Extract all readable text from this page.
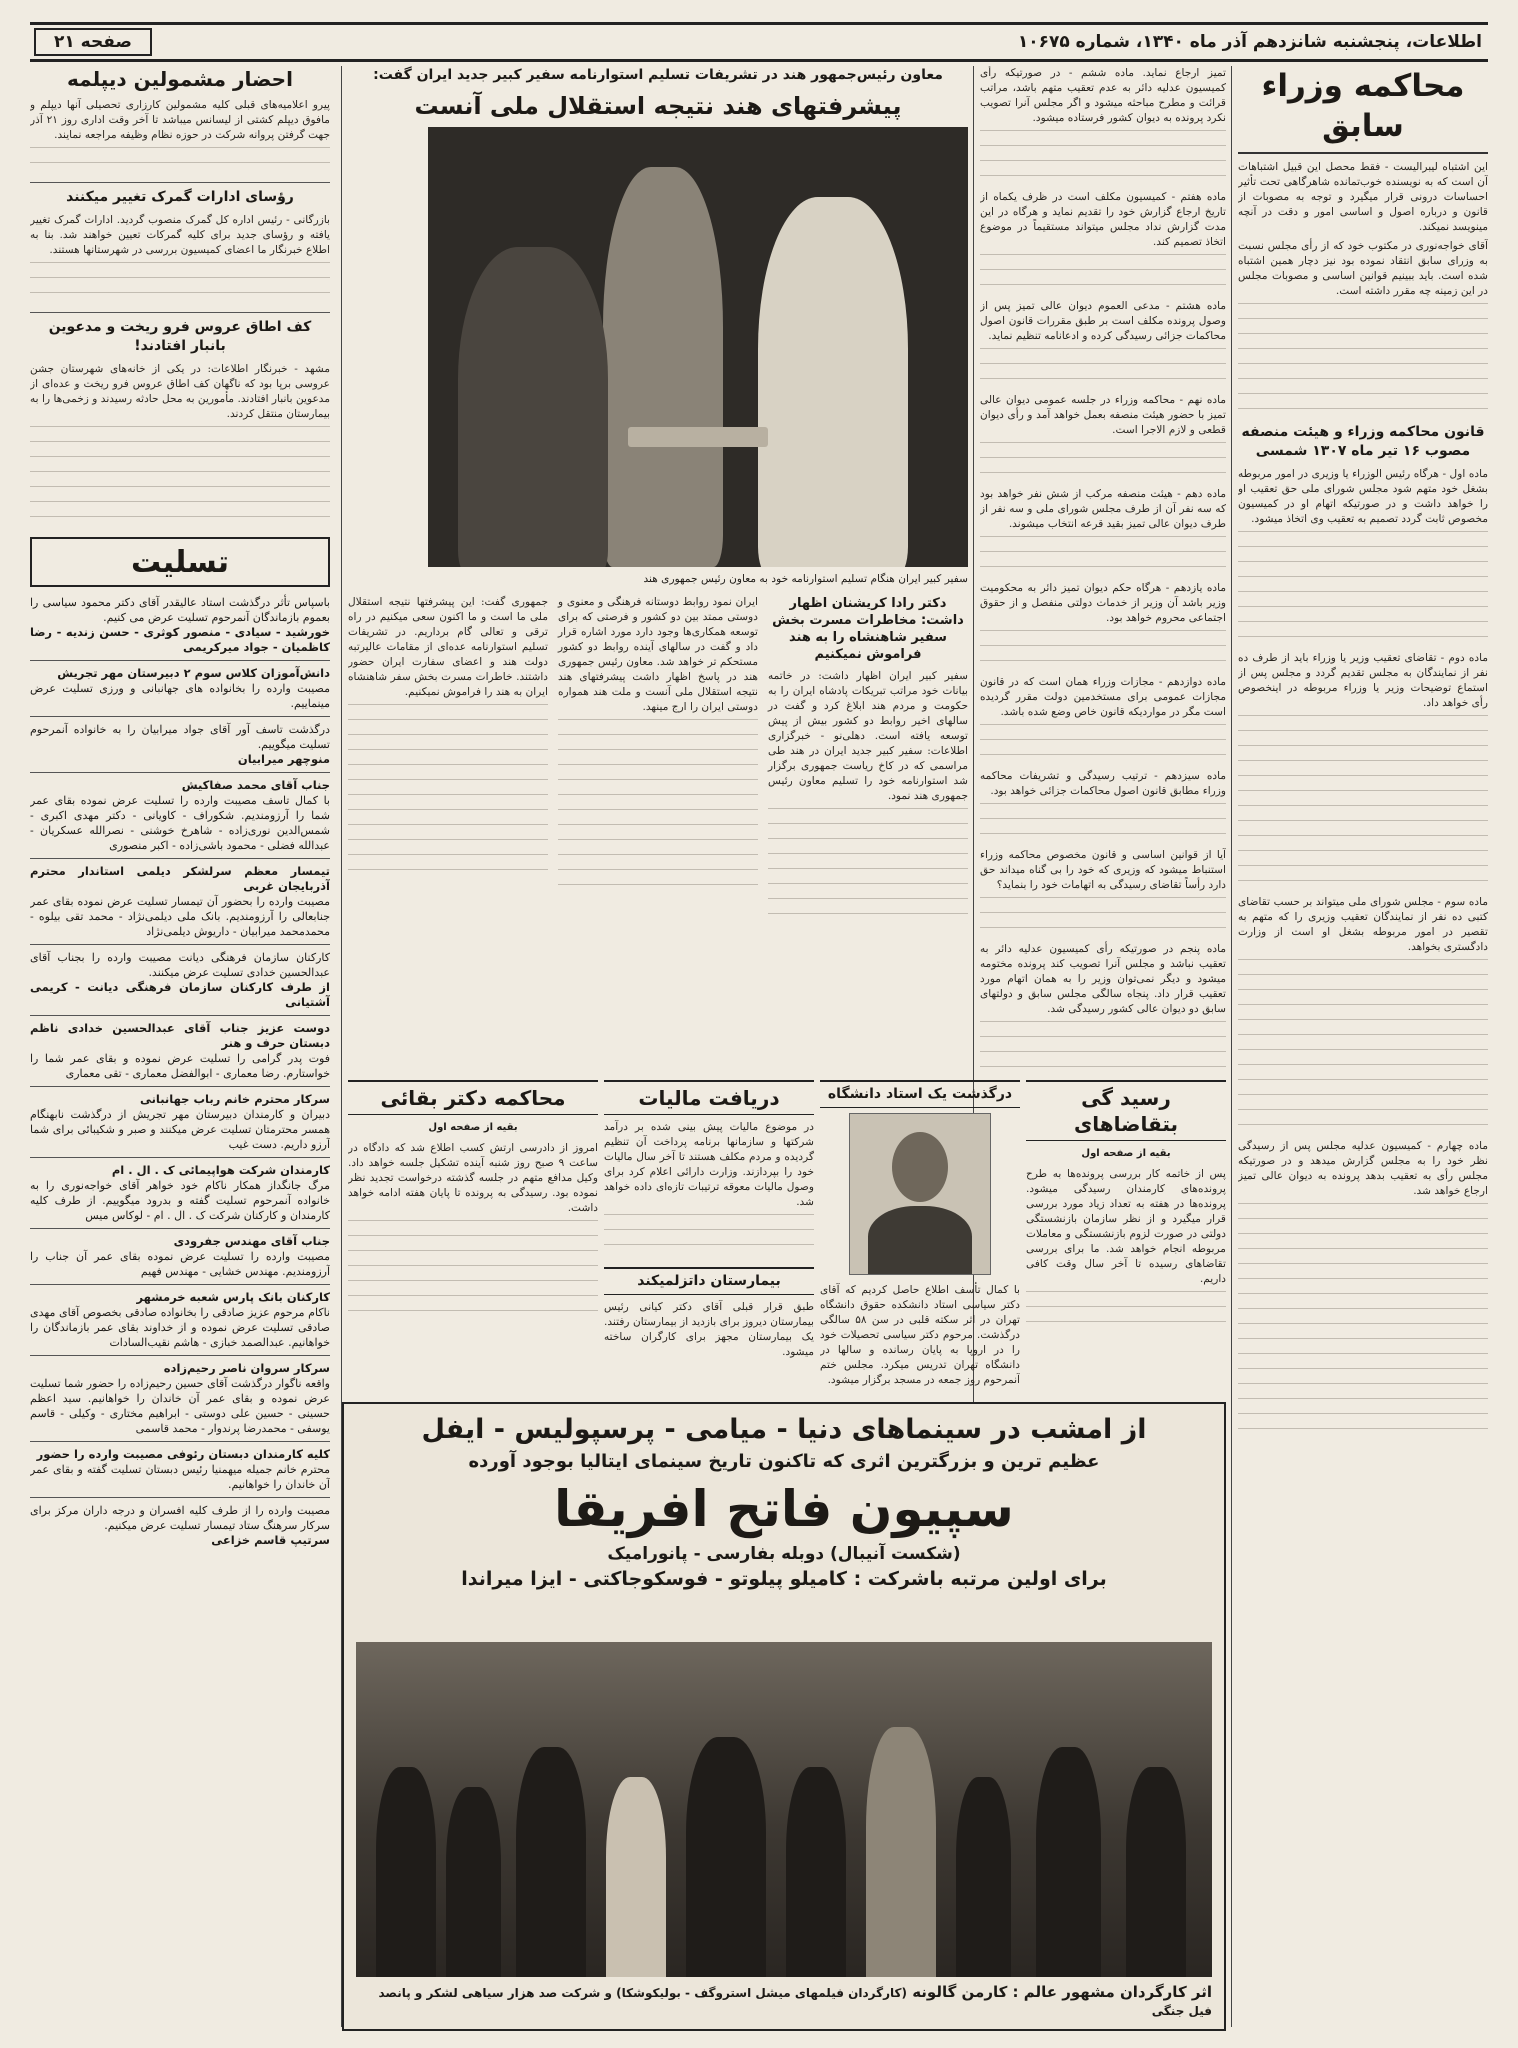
اطلاعات، پنجشنبه شانزدهم آذر ماه ۱۳۴۰، شماره ۱۰۶۷۵
صفحه ۲۱
محاکمه وزراء سابق

این اشتباه لیبرالیست - فقط محصل این قبیل اشتباهات آن است که به نویسنده خوب‌تمانده شاهرگاهی تحت تأثیر احساسات درونی قرار میگیرد و توجه به مصوبات از قانون و درباره اصول و اساسی امور و دقت در آنچه مینویسد نمیکند.

آقای خواجه‌نوری در مکتوب خود که از رأی مجلس نسبت به وزرای سابق انتقاد نموده بود نیز دچار همین اشتباه شده است. باید ببینیم قوانین اساسی و مصوبات مجلس در این زمینه چه مقرر داشته است.

قانون محاکمه وزراء و هیئت منصفه مصوب ۱۶ تیر ماه ۱۳۰۷ شمسی

ماده اول - هرگاه رئیس الوزراء یا وزیری در امور مربوطه بشغل خود متهم شود مجلس شورای ملی حق تعقیب او را خواهد داشت و در صورتیکه اتهام او در کمیسیون مخصوص ثابت گردد تصمیم به تعقیب وی اتخاذ میشود.

ماده دوم - تقاضای تعقیب وزیر یا وزراء باید از طرف ده نفر از نمایندگان به مجلس تقدیم گردد و مجلس پس از استماع توضیحات وزیر یا وزراء مربوطه در اینخصوص رأی خواهد داد.

ماده سوم - مجلس شورای ملی میتواند بر حسب تقاضای کتبی ده نفر از نمایندگان تعقیب وزیری را که متهم به تقصیر در امور مربوطه بشغل او است از وزارت دادگستری بخواهد.

ماده چهارم - کمیسیون عدلیه مجلس پس از رسیدگی نظر خود را به مجلس گزارش میدهد و در صورتیکه مجلس رأی به تعقیب بدهد پرونده به دیوان عالی تمیز ارجاع خواهد شد.

تمیز ارجاع نماید. ماده ششم - در صورتیکه رأی کمیسیون عدلیه دائر به عدم تعقیب متهم باشد، مراتب قرائت و مطرح مباحثه میشود و اگر مجلس آنرا تصویب نکرد پرونده به دیوان کشور فرستاده میشود.

ماده هفتم - کمیسیون مکلف است در ظرف یکماه از تاریخ ارجاع گزارش خود را تقدیم نماید و هرگاه در این مدت گزارش نداد مجلس میتواند مستقیماً در موضوع اتخاذ تصمیم کند.

ماده هشتم - مدعی العموم دیوان عالی تمیز پس از وصول پرونده مکلف است بر طبق مقررات قانون اصول محاکمات جزائی رسیدگی کرده و ادعانامه تنظیم نماید.

ماده نهم - محاکمه وزراء در جلسه عمومی دیوان عالی تمیز با حضور هیئت منصفه بعمل خواهد آمد و رأی دیوان قطعی و لازم الاجرا است.

ماده دهم - هیئت منصفه مرکب از شش نفر خواهد بود که سه نفر آن از طرف مجلس شورای ملی و سه نفر از طرف دیوان عالی تمیز بقید قرعه انتخاب میشوند.

ماده یازدهم - هرگاه حکم دیوان تمیز دائر به محکومیت وزیر باشد آن وزیر از خدمات دولتی منفصل و از حقوق اجتماعی محروم خواهد بود.

ماده دوازدهم - مجازات وزراء همان است که در قانون مجازات عمومی برای مستخدمین دولت مقرر گردیده است مگر در مواردیکه قانون خاص وضع شده باشد.

ماده سیزدهم - ترتیب رسیدگی و تشریفات محاکمه وزراء مطابق قانون اصول محاکمات جزائی خواهد بود.

آیا از قوانین اساسی و قانون مخصوص محاکمه وزراء استنباط میشود که وزیری که خود را بی گناه میداند حق دارد رأساً تقاضای رسیدگی به اتهامات خود را بنماید؟

ماده پنجم در صورتیکه رأی کمیسیون عدلیه دائر به تعقیب نباشد و مجلس آنرا تصویب کند پرونده مختومه میشود و دیگر نمی‌توان وزیر را به همان اتهام مورد تعقیب قرار داد. پنجاه سالگی مجلس سابق و دولتهای سابق دو دیوان عالی کشور رسیدگی شد.

معاون رئیس‌جمهور هند در تشریفات تسلیم استوارنامه سفیر کبیر جدید ایران گفت:
پیشرفتهای هند نتیجه استقلال ملی آنست
سفیر کبیر ایران هنگام تسلیم استوارنامه خود به معاون رئیس جمهوری هند
دکتر رادا کریشنان اظهار داشت: مخاطرات مسرت بخش سفیر شاهنشاه را به هند فراموش نمیکنیم

سفیر کبیر ایران اظهار داشت: در خاتمه بیانات خود مراتب تبریکات پادشاه ایران را به حکومت و مردم هند ابلاغ کرد و گفت در سالهای اخیر روابط دو کشور بیش از پیش توسعه یافته است. دهلی‌نو - خبرگزاری اطلاعات: سفیر کبیر جدید ایران در هند طی مراسمی که در کاخ ریاست جمهوری برگزار شد استوارنامه خود را تسلیم معاون رئیس جمهوری هند نمود.

ایران نمود روابط دوستانه فرهنگی و معنوی و دوستی ممتد بین دو کشور و فرصتی که برای توسعه همکاری‌ها وجود دارد مورد اشاره قرار داد و گفت در سالهای آینده روابط دو کشور مستحکم تر خواهد شد. معاون رئیس جمهوری هند در پاسخ اظهار داشت پیشرفتهای هند نتیجه استقلال ملی آنست و ملت هند همواره دوستی ایران را ارج مینهد.

جمهوری گفت: این پیشرفتها نتیجه استقلال ملی ما است و ما اکنون سعی میکنیم در راه ترقی و تعالی گام برداریم. در تشریفات تسلیم استوارنامه عده‌ای از مقامات عالیرتبه دولت هند و اعضای سفارت ایران حضور داشتند. خاطرات مسرت بخش سفر شاهنشاه ایران به هند را فراموش نمیکنیم.

رسید گی بتقاضاهای
بقیه از صفحه اول

پس از خاتمه کار بررسی پرونده‌ها به طرح پرونده‌های کارمندان رسیدگی میشود. پرونده‌ها در هفته به تعداد زیاد مورد بررسی قرار میگیرد و از نظر سازمان بازنشستگی دولتی در صورت لزوم بازنشستگی و معاملات مربوطه انجام خواهد شد. ما برای بررسی تقاضاهای رسیده تا آخر سال وقت کافی داریم.

درگذشت یک استاد دانشگاه

با کمال تأسف اطلاع حاصل کردیم که آقای دکتر سیاسی استاد دانشکده حقوق دانشگاه تهران در اثر سکته قلبی در سن ۵۸ سالگی درگذشت. مرحوم دکتر سیاسی تحصیلات خود را در اروپا به پایان رسانده و سالها در دانشگاه تهران تدریس میکرد. مجلس ختم آنمرحوم روز جمعه در مسجد برگزار میشود.

دریافت مالیات

در موضوع مالیات پیش بینی شده بر درآمد شرکتها و سازمانها برنامه پرداخت آن تنظیم گردیده و مردم مکلف هستند تا آخر سال مالیات خود را بپردازند. وزارت دارائی اعلام کرد برای وصول مالیات معوقه ترتیبات تازه‌ای داده خواهد شد.

بیمارستان داتزلمیکند

طبق قرار قبلی آقای دکتر کیانی رئیس بیمارستان دیروز برای بازدید از بیمارستان رفتند. یک بیمارستان مجهز برای کارگران ساخته میشود.

محاکمه دکتر بقائی
بقیه از صفحه اول

امروز از دادرسی ارتش کسب اطلاع شد که دادگاه در ساعت ۹ صبح روز شنبه آینده تشکیل جلسه خواهد داد. وکیل مدافع متهم در جلسه گذشته درخواست تجدید نظر نموده بود. رسیدگی به پرونده تا پایان هفته ادامه خواهد داشت.

از امشب در سینماهای دنیا - میامی - پرسپولیس - ایفل
عظیم ترین و بزرگترین اثری که تاکنون تاریخ سینمای ایتالیا بوجود آورده
سپیون فاتح افریقا
(شکست آنیبال) دوبله بفارسی - پانورامیک
برای اولین مرتبه باشرکت : کامیلو پیلوتو - فوسکوجاکتی - ایزا میراندا
اثر کارگردان مشهور عالم : کارمن گالونه (کارگردان فیلمهای میشل استروگف - بولیکوشکا) و شرکت صد هزار سیاهی لشکر و پانصد فیل جنگی
احضار مشمولین دیپلمه

پیرو اعلامیه‌های قبلی کلیه مشمولین کارزاری تحصیلی آنها دیپلم و مافوق دیپلم کشتی از لیسانس میباشد تا آخر وقت اداری روز ۲۱ آذر جهت گرفتن پروانه شرکت در حوزه نظام وظیفه مراجعه نمایند.

رؤسای ادارات گمرک تغییر میکنند

بازرگانی - رئیس اداره کل گمرک منصوب گردید. ادارات گمرک تغییر یافته و رؤسای جدید برای کلیه گمرکات تعیین خواهند شد. بنا به اطلاع خبرنگار ما اعضای کمیسیون بررسی در شهرستانها هستند.

کف اطاق عروس فرو ریخت و مدعوین بانبار افتادند!

مشهد - خبرنگار اطلاعات: در یکی از خانه‌های شهرستان جشن عروسی برپا بود که ناگهان کف اطاق عروس فرو ریخت و عده‌ای از مدعوین بانبار افتادند. مأمورین به محل حادثه رسیدند و زخمی‌ها را به بیمارستان منتقل کردند.

تسلیت
باسپاس تأثر درگذشت استاد عالیقدر آقای دکتر محمود سیاسی را بعموم بازماندگان آنمرحوم تسلیت عرض می کنیم.
خورشید - سیادی - منصور کوثری - حسن زندیه - رضا کاظمیان - جواد میرکریمی
دانش‌آموزان کلاس سوم ۲ دبیرستان مهر تجریش
مصیبت وارده را بخانواده های جهانبانی و ورزی تسلیت عرض مینماییم.
درگذشت تاسف آور آقای جواد میرابیان را به خانواده آنمرحوم تسلیت میگوییم.
منوچهر میرابیان
جناب آقای محمد صفاکیش
با کمال تاسف مصیبت وارده را تسلیت عرض نموده بقای عمر شما را آرزومندیم. شکوراف - کاویانی - دکتر مهدی اکبری - شمس‌الدین نوری‌زاده - شاهرخ خوشنی - نصرالله عسکریان - عبدالله فضلی - محمود باشی‌زاده - اکبر منصوری
تیمسار معظم سرلشکر دیلمی استاندار محترم آذربایجان غربی
مصیبت وارده را بحضور آن تیمسار تسلیت عرض نموده بقای عمر جنابعالی را آرزومندیم. بانک ملی دیلمی‌نژاد - محمد تقی بیلوه - محمدمحمد میرابیان - داریوش دیلمی‌نژاد
کارکنان سازمان فرهنگی دیانت مصیبت وارده را بجناب آقای عبدالحسین خدادی تسلیت عرض میکنند.
از طرف کارکنان سازمان فرهنگی دیانت - کریمی آشتیانی
دوست عزیز جناب آقای عبدالحسین خدادی ناظم دبستان حرف و هنر
فوت پدر گرامی را تسلیت عرض نموده و بقای عمر شما را خواستارم. رضا معماری - ابوالفضل معماری - تقی معماری
سرکار محترم خانم رباب جهانبانی
دبیران و کارمندان دبیرستان مهر تجریش از درگذشت نابهنگام همسر محترمتان تسلیت عرض میکنند و صبر و شکیبائی برای شما آرزو داریم. دست غیب
کارمندان شرکت هواپیمائی ک . ال . ام
مرگ جانگداز همکار ناکام خود خواهر آقای خواجه‌نوری را به خانواده آنمرحوم تسلیت گفته و بدرود میگوییم. از طرف کلیه کارمندان و کارکنان شرکت ک . ال . ام - لوکاس میس
جناب آقای مهندس جفرودی
مصیبت وارده را تسلیت عرض نموده بقای عمر آن جناب را آرزومندیم. مهندس خشایی - مهندس فهیم
کارکنان بانک پارس شعبه خرمشهر
ناکام مرحوم عزیز صادقی را بخانواده صادقی بخصوص آقای مهدی صادقی تسلیت عرض نموده و از خداوند بقای عمر بازماندگان را خواهانیم. عبدالصمد خبازی - هاشم نقیب‌السادات
سرکار سروان ناصر رحیم‌زاده
واقعه ناگوار درگذشت آقای حسین رحیم‌زاده را حضور شما تسلیت عرض نموده و بقای عمر آن خاندان را خواهانیم. سید اعظم حسینی - حسین علی دوستی - ابراهیم مختاری - وکیلی - قاسم یوسفی - محمدرضا پرندوار - محمد قاسمی
کلیه کارمندان دبستان رئوفی مصیبت وارده را حضور
محترم خانم جمیله میهمنیا رئیس دبستان تسلیت گفته و بقای عمر آن خاندان را خواهانیم.
مصیبت وارده را از طرف کلیه افسران و درجه داران مرکز برای سرکار سرهنگ ستاد تیمسار تسلیت عرض میکنیم.
سرتیپ قاسم خزاعی
